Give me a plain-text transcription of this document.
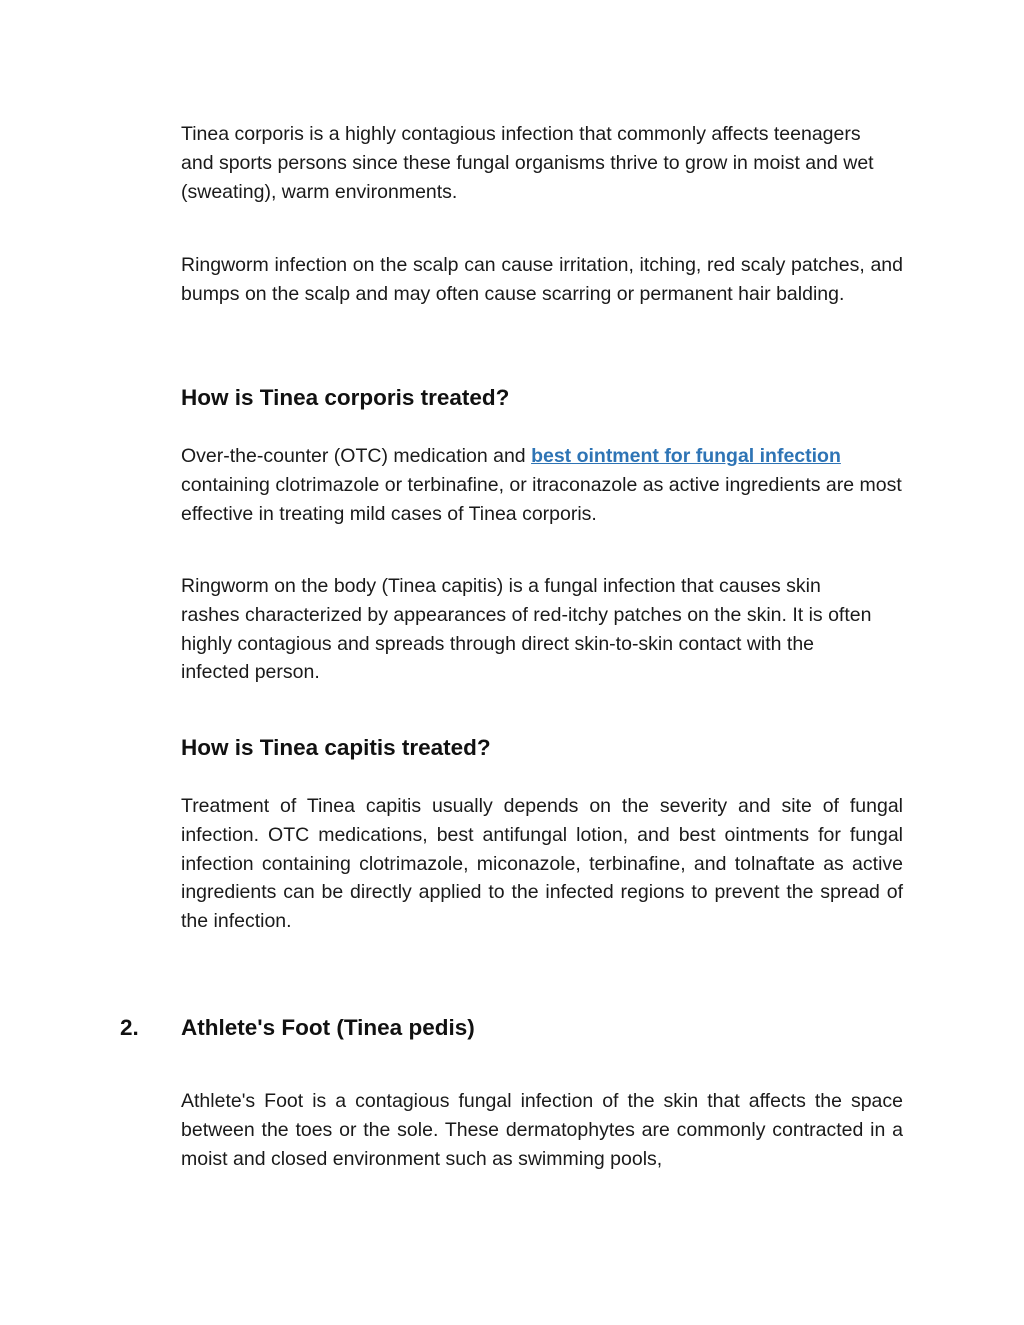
Tinea corporis is a highly contagious infection that commonly affects teenagers and sports persons since these fungal organisms thrive to grow in moist and wet (sweating), warm environments.

Ringworm infection on the scalp can cause irritation, itching, red scaly patches, and bumps on the scalp and may often cause scarring or permanent hair balding.

How is Tinea corporis treated?

Over-the-counter (OTC) medication and best ointment for fungal infection containing clotrimazole or terbinafine, or itraconazole as active ingredients are most effective in treating mild cases of Tinea corporis.

Ringworm on the body (Tinea capitis) is a fungal infection that causes skin rashes characterized by appearances of red-itchy patches on the skin. It is often highly contagious and spreads through direct skin-to-skin contact with the infected person.

How is Tinea capitis treated?

Treatment of Tinea capitis usually depends on the severity and site of fungal infection. OTC medications, best antifungal lotion, and best ointments for fungal infection containing clotrimazole, miconazole, terbinafine, and tolnaftate as active ingredients can be directly applied to the infected regions to prevent the spread of the infection.

2. Athlete's Foot (Tinea pedis)

Athlete's Foot is a contagious fungal infection of the skin that affects the space between the toes or the sole. These dermatophytes are commonly contracted in a moist and closed environment such as swimming pools,
